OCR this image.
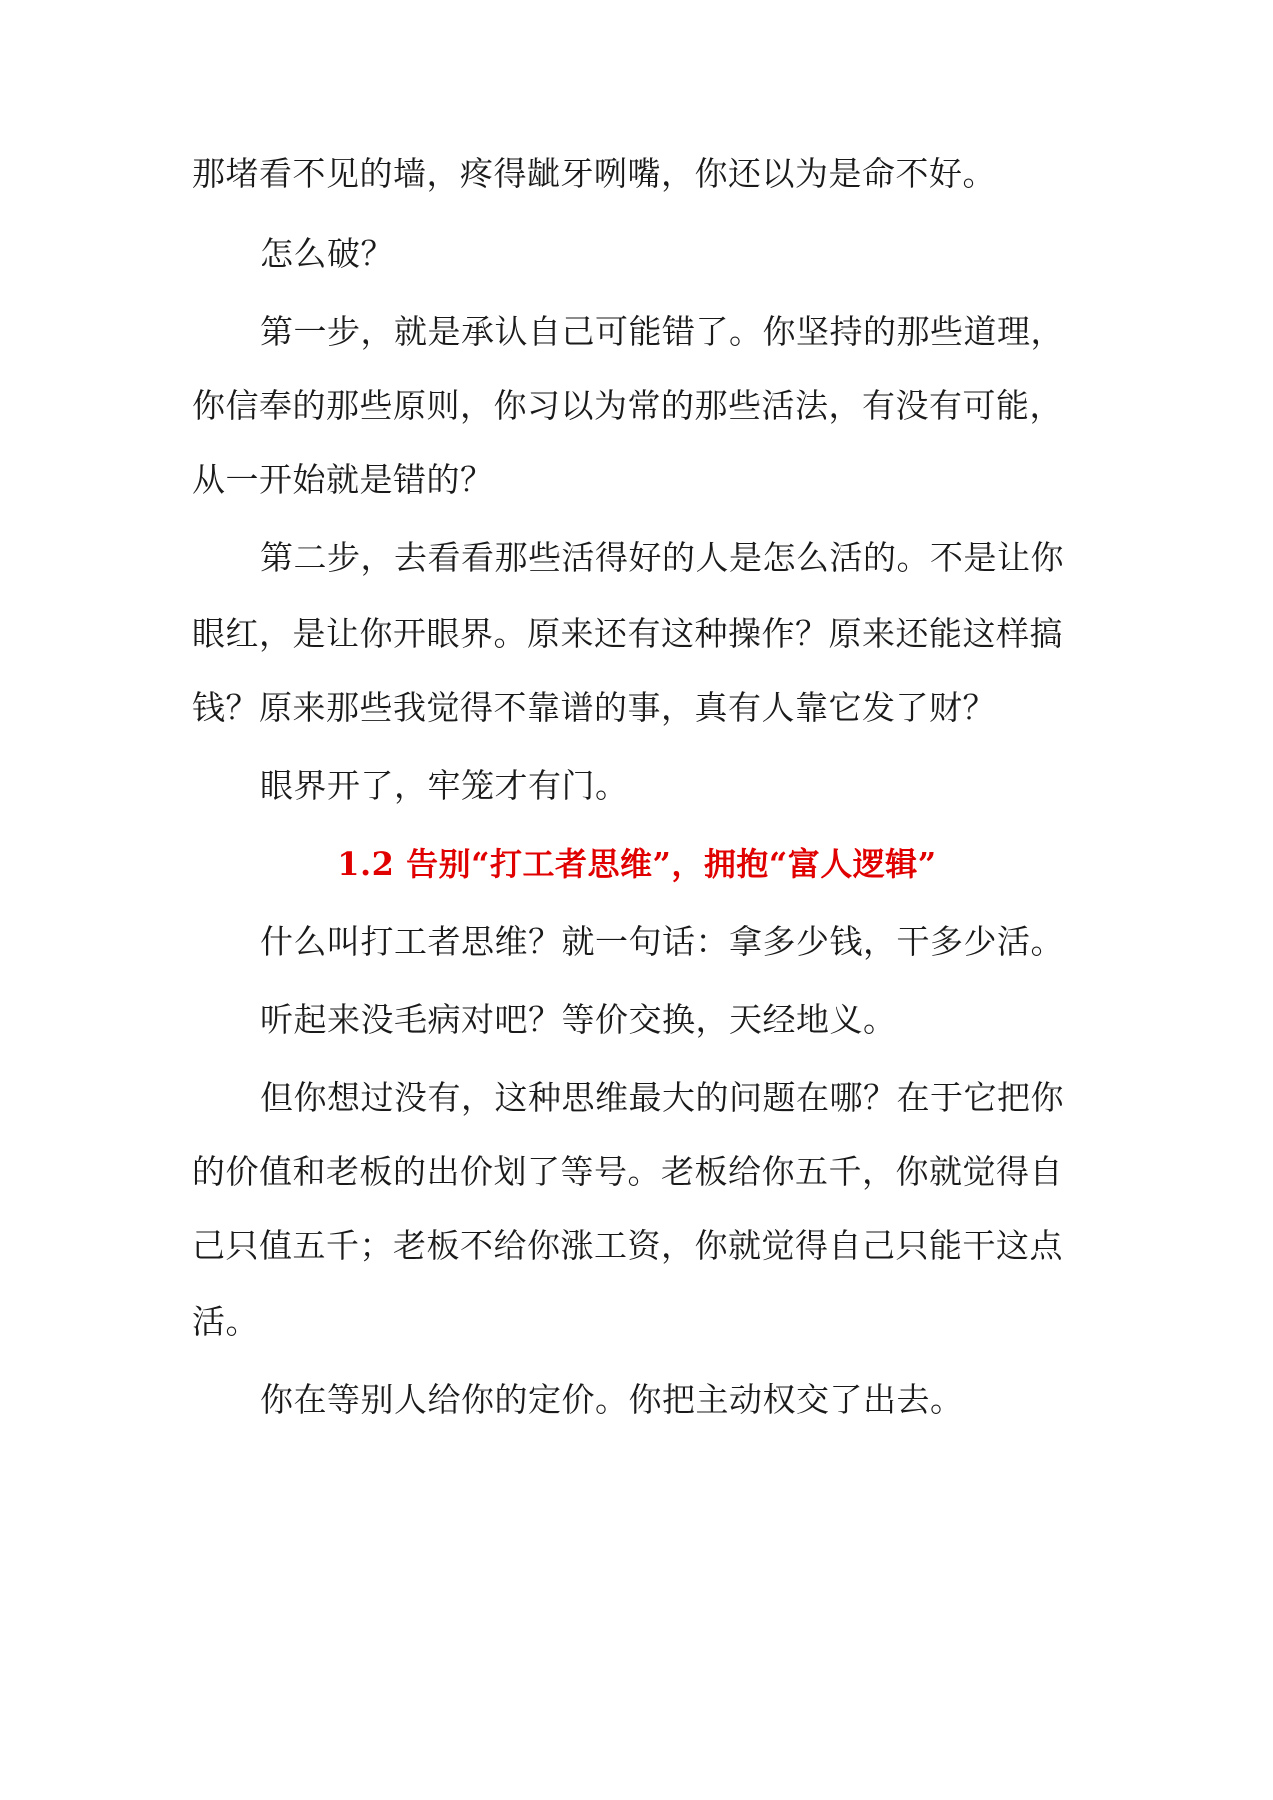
那堵看不见的墙，疼得龇牙咧嘴，你还以为是命不好。
怎么破？
第一步，就是承认自己可能错了。你坚持的那些道理，
你信奉的那些原则，你习以为常的那些活法，有没有可能，
从一开始就是错的？
第二步，去看看那些活得好的人是怎么活的。不是让你
眼红，是让你开眼界。原来还有这种操作？原来还能这样搞
钱？原来那些我觉得不靠谱的事，真有人靠它发了财？
眼界开了，牢笼才有门。
1.2 告别“打工者思维”，拥抱“富人逻辑”
什么叫打工者思维？就一句话：拿多少钱，干多少活。
听起来没毛病对吧？等价交换，天经地义。
但你想过没有，这种思维最大的问题在哪？在于它把你
的价值和老板的出价划了等号。老板给你五千，你就觉得自
己只值五千；老板不给你涨工资，你就觉得自己只能干这点
活。
你在等别人给你的定价。你把主动权交了出去。
